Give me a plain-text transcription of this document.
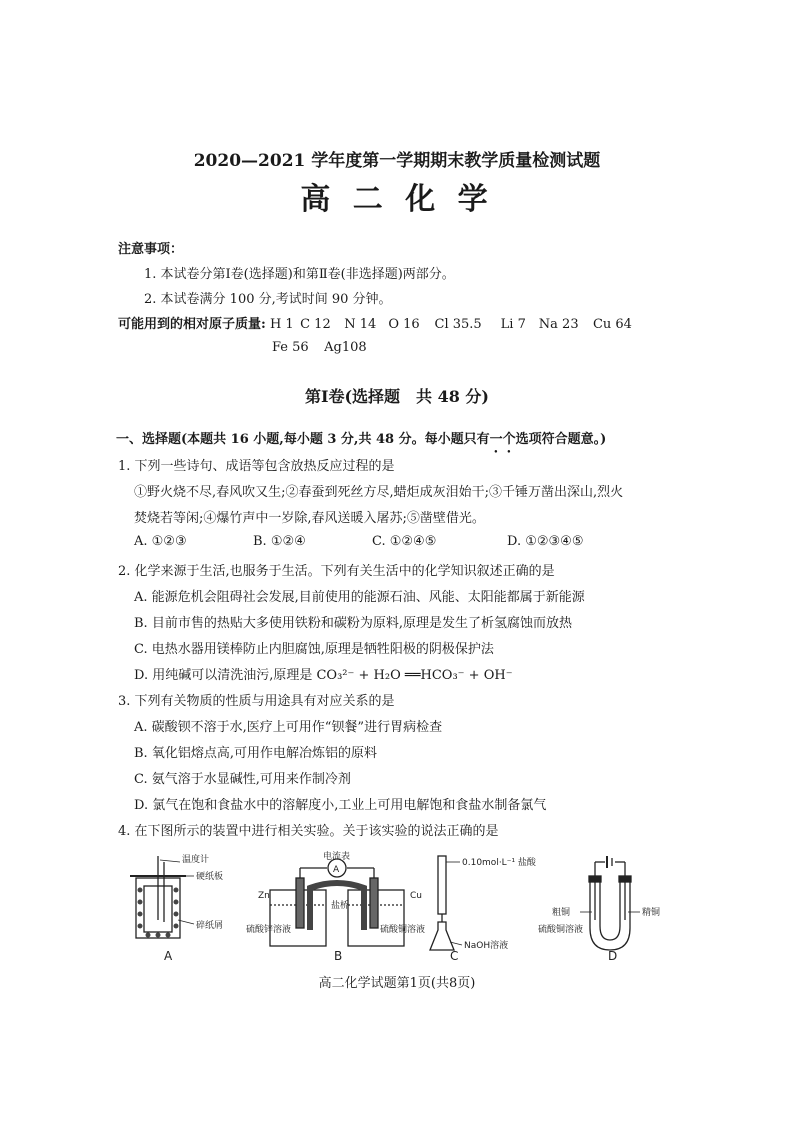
2020—2021 学年度第一学期期末教学质量检测试题
高 二 化 学
注意事项：
1. 本试卷分第Ⅰ卷(选择题)和第Ⅱ卷(非选择题)两部分。
2. 本试卷满分 100 分,考试时间 90 分钟。
可能用到的相对原子质量: H 1 C 12 N 14 O 16 Cl 35.5 Li 7 Na 23 Cu 64
Fe 56 Ag108
第Ⅰ卷(选择题　共 48 分)
一、选择题(本题共 16 小题,每小题 3 分,共 48 分。每小题只有一个选项符合题意。)
1. 下列一些诗句、成语等包含放热反应过程的是
①野火烧不尽,春风吹又生;②春蚕到死丝方尽,蜡炬成灰泪始干;③千锤万凿出深山,烈火
焚烧若等闲;④爆竹声中一岁除,春风送暖入屠苏;⑤凿壁借光。
A. ①②③	B. ①②④	C. ①②④⑤	D. ①②③④⑤
2. 化学来源于生活,也服务于生活。下列有关生活中的化学知识叙述正确的是
A. 能源危机会阻碍社会发展,目前使用的能源石油、风能、太阳能都属于新能源
B. 目前市售的热贴大多使用铁粉和碳粉为原料,原理是发生了析氢腐蚀而放热
C. 电热水器用镁棒防止内胆腐蚀,原理是牺牲阳极的阴极保护法
D. 用纯碱可以清洗油污,原理是 CO₃²⁻ + H₂O ══HCO₃⁻ + OH⁻
3. 下列有关物质的性质与用途具有对应关系的是
A. 碳酸钡不溶于水,医疗上可用作“钡餐”进行胃病检查
B. 氧化铝熔点高,可用作电解冶炼铝的原料
C. 氨气溶于水显碱性,可用来作制冷剂
D. 氯气在饱和食盐水中的溶解度小,工业上可用电解饱和食盐水制备氯气
4. 在下图所示的装置中进行相关实验。关于该实验的说法正确的是
温度计
硬纸板
碎纸屑
A
电流表
A
Zn	Cu
盐桥
硫酸锌溶液	硫酸铜溶液
B
0.10mol·L⁻¹ 盐酸
NaOH溶液
C
粗铜	精铜
硫酸铜溶液
D
高二化学试题第1页(共8页)
